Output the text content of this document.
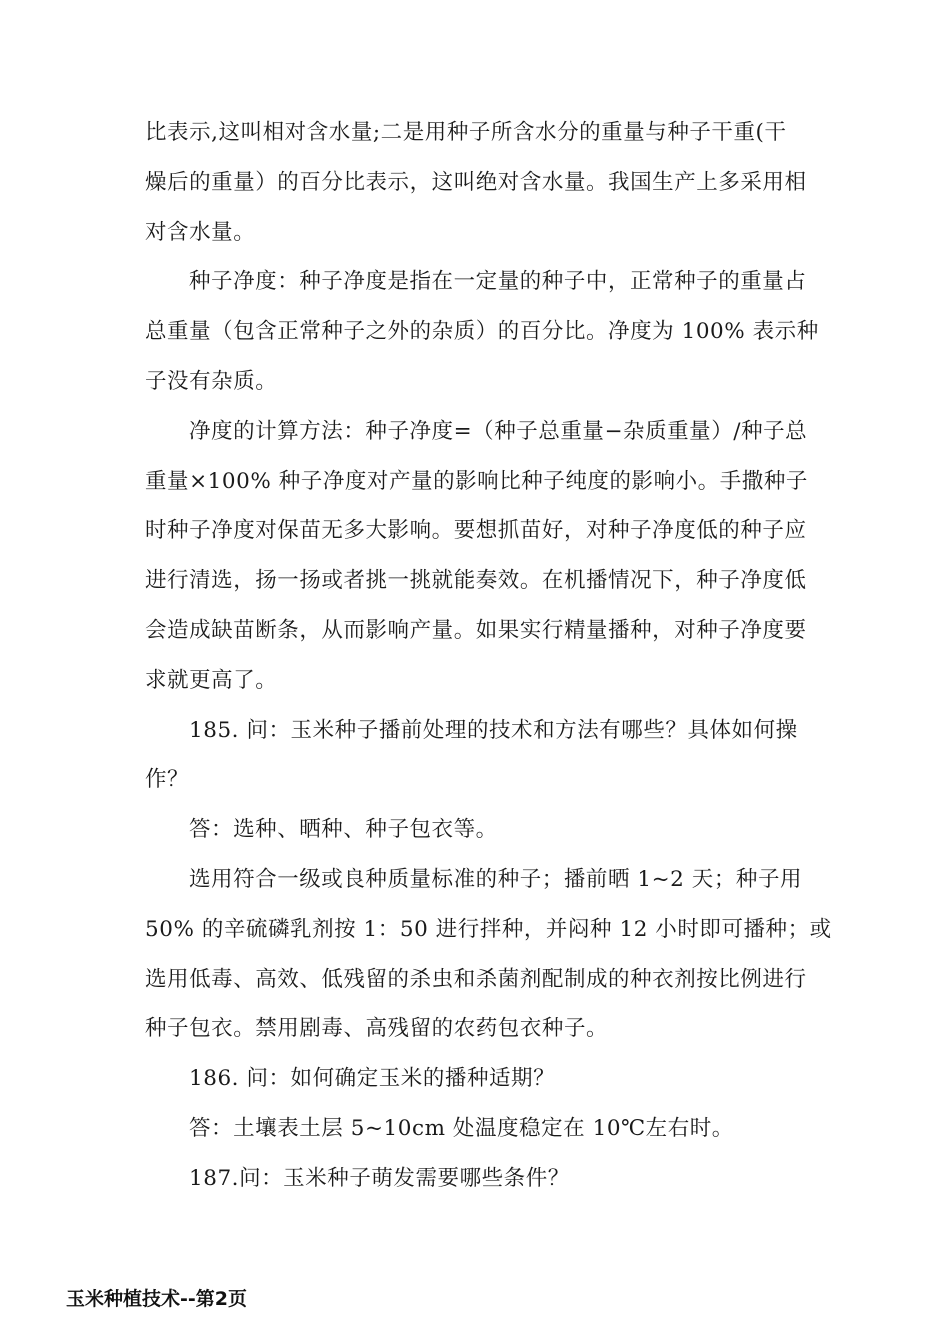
比表示,这叫相对含水量;二是用种子所含水分的重量与种子干重(干
燥后的重量）的百分比表示，这叫绝对含水量。我国生产上多采用相
对含水量。
种子净度：种子净度是指在一定量的种子中，正常种子的重量占
总重量（包含正常种子之外的杂质）的百分比。净度为 100% 表示种
子没有杂质。
净度的计算方法：种子净度=（种子总重量−杂质重量）/种子总
重量×100% 种子净度对产量的影响比种子纯度的影响小。手撒种子
时种子净度对保苗无多大影响。要想抓苗好，对种子净度低的种子应
进行清选，扬一扬或者挑一挑就能奏效。在机播情况下，种子净度低
会造成缺苗断条，从而影响产量。如果实行精量播种，对种子净度要
求就更高了。
185. 问：玉米种子播前处理的技术和方法有哪些？具体如何操
作？
答：选种、晒种、种子包衣等。
选用符合一级或良种质量标准的种子；播前晒 1~2 天；种子用
50% 的辛硫磷乳剂按 1：50 进行拌种，并闷种 12 小时即可播种；或
选用低毒、高效、低残留的杀虫和杀菌剂配制成的种衣剂按比例进行
种子包衣。禁用剧毒、高残留的农药包衣种子。
186. 问：如何确定玉米的播种适期？
答：土壤表土层 5~10cm 处温度稳定在 10℃左右时。
187.问：玉米种子萌发需要哪些条件？
玉米种植技术--第2页
